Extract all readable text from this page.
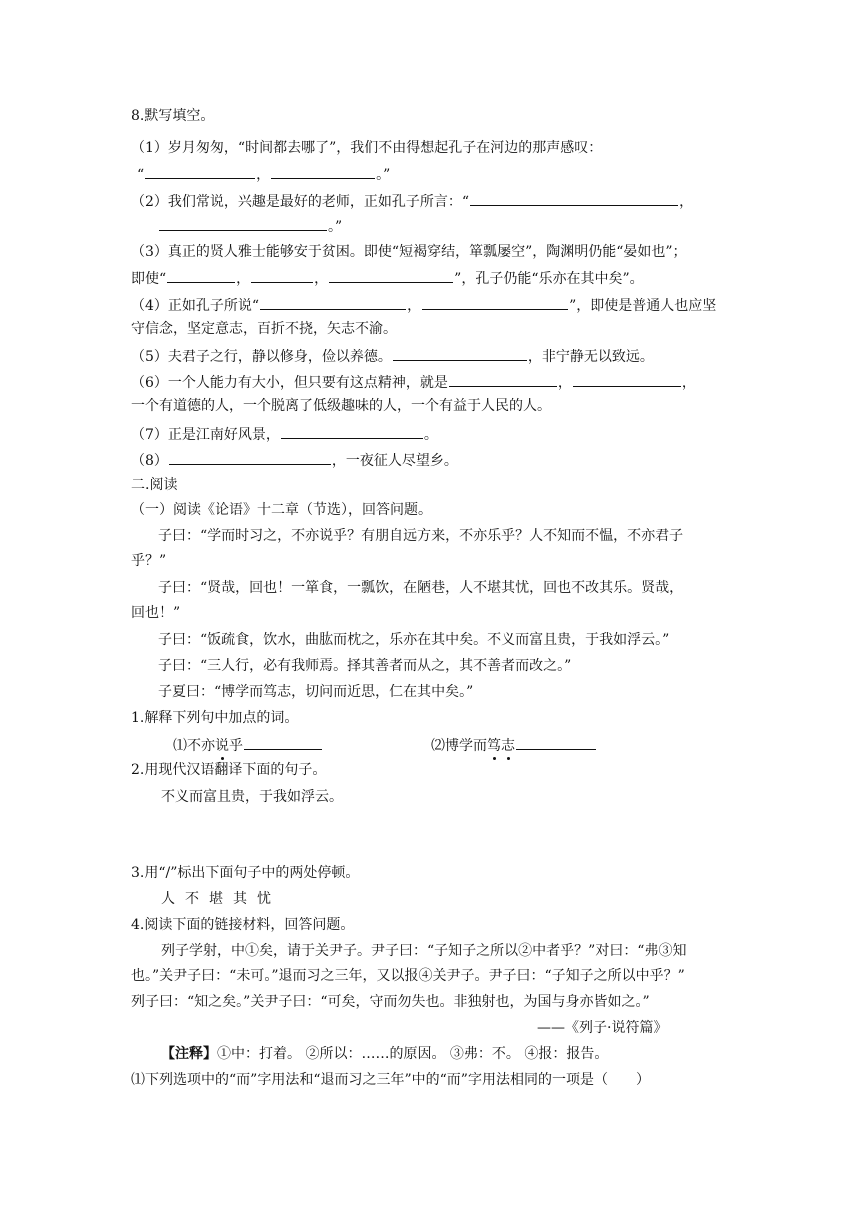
8.默写填空。
（1）岁月匆匆，“时间都去哪了”，我们不由得想起孔子在河边的那声感叹：
“	，	。”
（2）我们常说，兴趣是最好的老师，正如孔子所言：“	，
。”
（3）真正的贤人雅士能够安于贫困。即使“短褐穿结，箪瓢屡空”，陶渊明仍能“晏如也”；
即使“	，	，	”，孔子仍能“乐亦在其中矣”。
（4）正如孔子所说“	，	”，即使是普通人也应坚
守信念，坚定意志，百折不挠，矢志不渝。
（5）夫君子之行，静以修身，俭以养德。	，非宁静无以致远。
（6）一个人能力有大小，但只要有这点精神，就是	，	，
一个有道德的人，一个脱离了低级趣味的人，一个有益于人民的人。
（7）正是江南好风景，	。
（8）	，一夜征人尽望乡。
二.阅读
（一）阅读《论语》十二章（节选），回答问题。
子曰：“学而时习之，不亦说乎？有朋自远方来，不亦乐乎？人不知而不愠，不亦君子
乎？”
子曰：“贤哉，回也！一箪食，一瓢饮，在陋巷，人不堪其忧，回也不改其乐。贤哉，
回也！”
子曰：“饭疏食，饮水，曲肱而枕之，乐亦在其中矣。不义而富且贵，于我如浮云。”
子曰：“三人行，必有我师焉。择其善者而从之，其不善者而改之。”
子夏曰：“博学而笃志，切问而近思，仁在其中矣。”
1.解释下列句中加点的词。
⑴不亦说乎	⑵博学而笃志
2.用现代汉语翻译下面的句子。
不义而富且贵，于我如浮云。
3.用“/”标出下面句子中的两处停顿。
人不堪其忧
4.阅读下面的链接材料，回答问题。
列子学射，中①矣，请于关尹子。尹子曰：“子知子之所以②中者乎？”对曰：“弗③知
也。”关尹子曰：“未可。”退而习之三年，又以报④关尹子。尹子曰：“子知子之所以中乎？”
列子曰：“知之矣。”关尹子曰：“可矣，守而勿失也。非独射也，为国与身亦皆如之。”
——《列子·说符篇》
【注释】①中：打着。 ②所以：……的原因。 ③弗：不。 ④报：报告。
⑴下列选项中的“而”字用法和“退而习之三年”中的“而”字用法相同的一项是（　　）
